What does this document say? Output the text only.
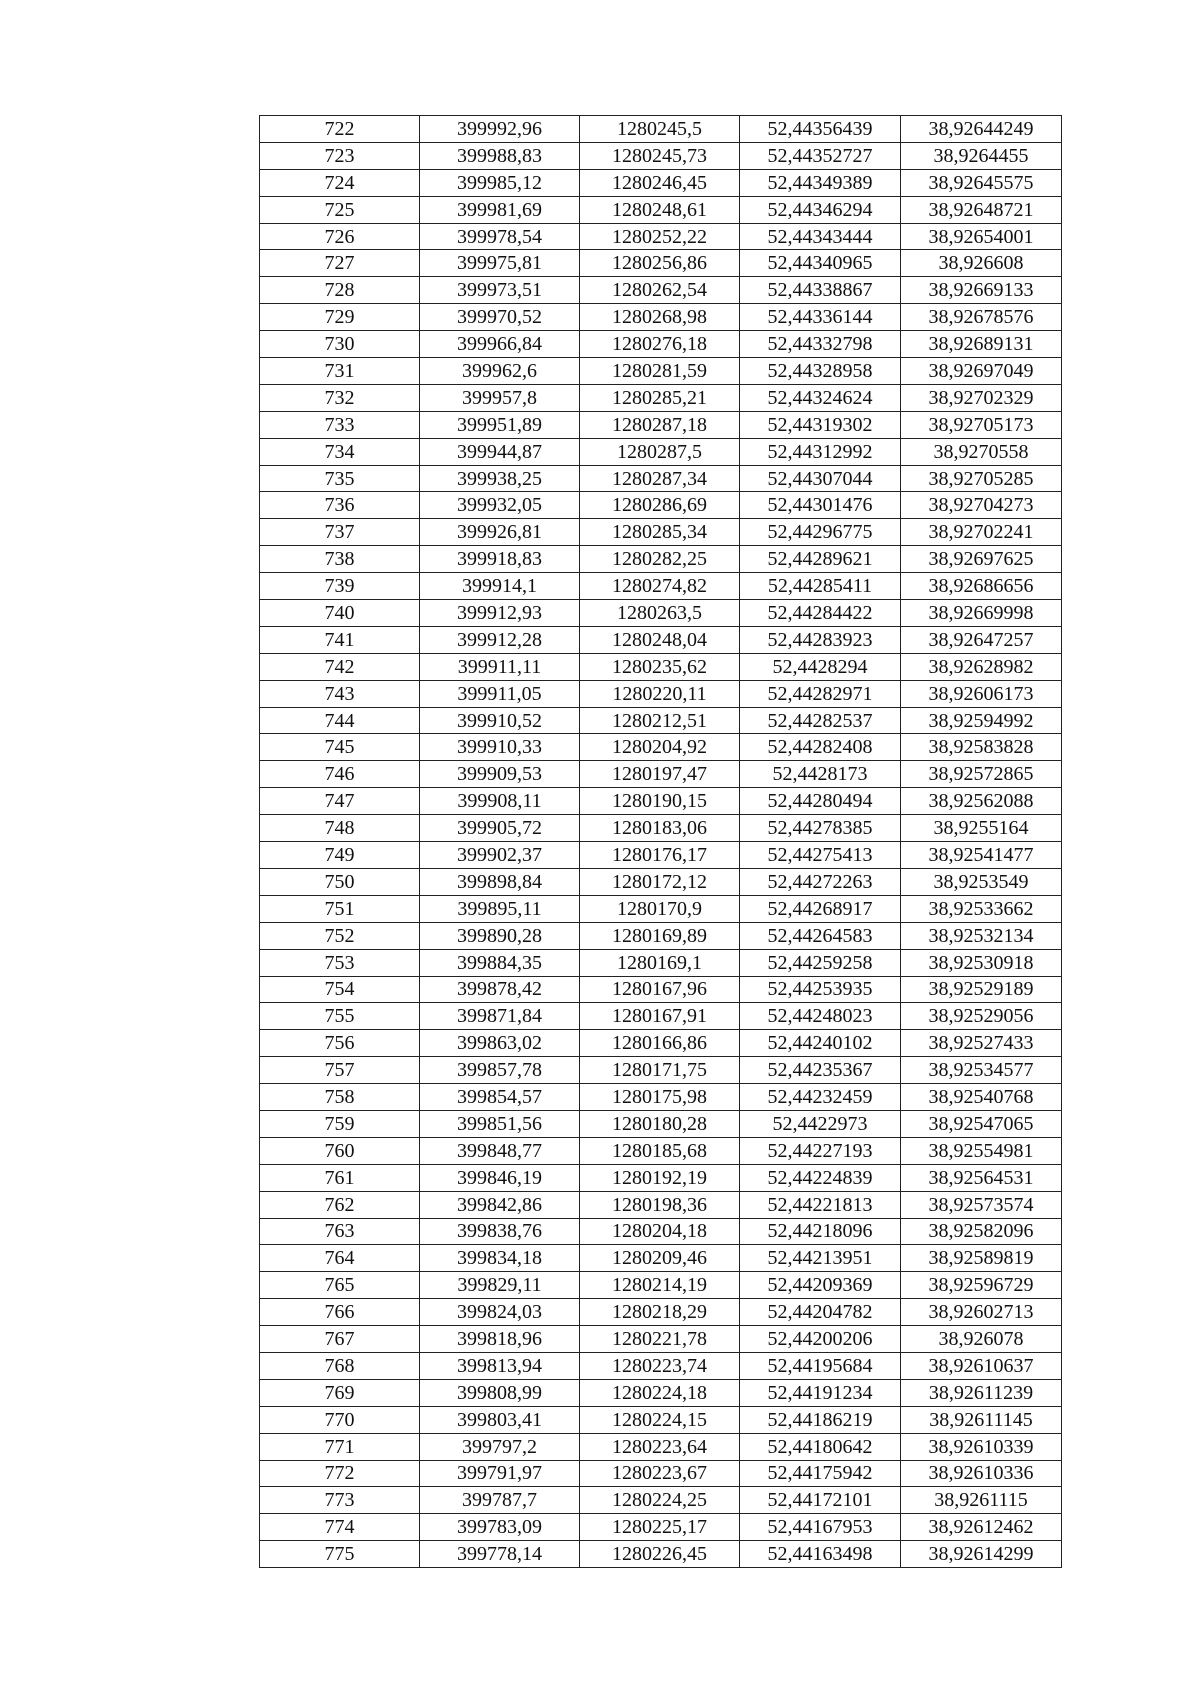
722	399992,96	1280245,5	52,44356439	38,92644249
723	399988,83	1280245,73	52,44352727	38,9264455
724	399985,12	1280246,45	52,44349389	38,92645575
725	399981,69	1280248,61	52,44346294	38,92648721
726	399978,54	1280252,22	52,44343444	38,92654001
727	399975,81	1280256,86	52,44340965	38,926608
728	399973,51	1280262,54	52,44338867	38,92669133
729	399970,52	1280268,98	52,44336144	38,92678576
730	399966,84	1280276,18	52,44332798	38,92689131
731	399962,6	1280281,59	52,44328958	38,92697049
732	399957,8	1280285,21	52,44324624	38,92702329
733	399951,89	1280287,18	52,44319302	38,92705173
734	399944,87	1280287,5	52,44312992	38,9270558
735	399938,25	1280287,34	52,44307044	38,92705285
736	399932,05	1280286,69	52,44301476	38,92704273
737	399926,81	1280285,34	52,44296775	38,92702241
738	399918,83	1280282,25	52,44289621	38,92697625
739	399914,1	1280274,82	52,44285411	38,92686656
740	399912,93	1280263,5	52,44284422	38,92669998
741	399912,28	1280248,04	52,44283923	38,92647257
742	399911,11	1280235,62	52,4428294	38,92628982
743	399911,05	1280220,11	52,44282971	38,92606173
744	399910,52	1280212,51	52,44282537	38,92594992
745	399910,33	1280204,92	52,44282408	38,92583828
746	399909,53	1280197,47	52,4428173	38,92572865
747	399908,11	1280190,15	52,44280494	38,92562088
748	399905,72	1280183,06	52,44278385	38,9255164
749	399902,37	1280176,17	52,44275413	38,92541477
750	399898,84	1280172,12	52,44272263	38,9253549
751	399895,11	1280170,9	52,44268917	38,92533662
752	399890,28	1280169,89	52,44264583	38,92532134
753	399884,35	1280169,1	52,44259258	38,92530918
754	399878,42	1280167,96	52,44253935	38,92529189
755	399871,84	1280167,91	52,44248023	38,92529056
756	399863,02	1280166,86	52,44240102	38,92527433
757	399857,78	1280171,75	52,44235367	38,92534577
758	399854,57	1280175,98	52,44232459	38,92540768
759	399851,56	1280180,28	52,4422973	38,92547065
760	399848,77	1280185,68	52,44227193	38,92554981
761	399846,19	1280192,19	52,44224839	38,92564531
762	399842,86	1280198,36	52,44221813	38,92573574
763	399838,76	1280204,18	52,44218096	38,92582096
764	399834,18	1280209,46	52,44213951	38,92589819
765	399829,11	1280214,19	52,44209369	38,92596729
766	399824,03	1280218,29	52,44204782	38,92602713
767	399818,96	1280221,78	52,44200206	38,926078
768	399813,94	1280223,74	52,44195684	38,92610637
769	399808,99	1280224,18	52,44191234	38,92611239
770	399803,41	1280224,15	52,44186219	38,92611145
771	399797,2	1280223,64	52,44180642	38,92610339
772	399791,97	1280223,67	52,44175942	38,92610336
773	399787,7	1280224,25	52,44172101	38,9261115
774	399783,09	1280225,17	52,44167953	38,92612462
775	399778,14	1280226,45	52,44163498	38,92614299
